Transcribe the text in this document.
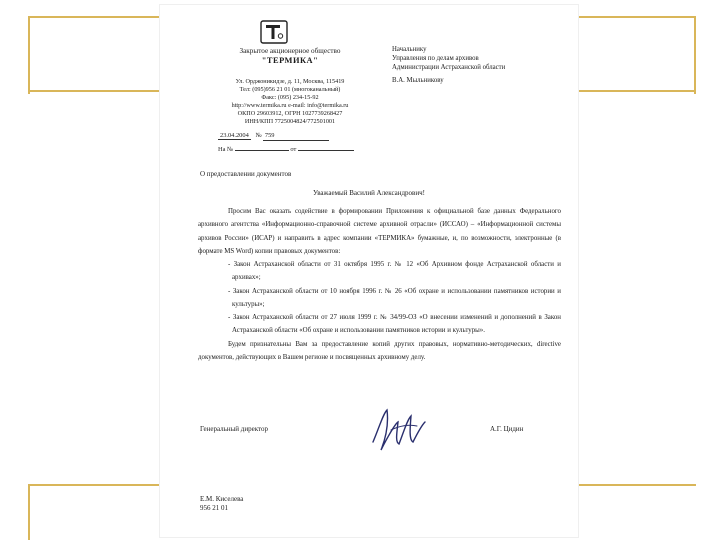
Закрытое акционерное общество
"ТЕРМИКА"
Ул. Орджоникидзе, д. 11, Москва, 115419
Тел: (095)956 21 01 (многоканальный)
Факс: (095) 234-15-92
http://www.termika.ru e-mail: info@termika.ru
ОКПО 29603912, ОГРН 1027739268427
ИНН/КПП 7725004824/772501001
Начальнику
Управления по делам архивов
Администрации Астраханской области
В.А. Мыльникову
23.04.2004 № 759
На №	от
О предоставлении документов
Уважаемый Василий Александрович!

Просим Вас оказать содействие в формировании Приложения к официальной базе данных Федерального архивного агентства «Информационно-справочной системе архивной отрасли» (ИССАО) – «Информационной системы архивов России» (ИСАР) и направить в адрес компании «ТЕРМИКА» бумажные, и, по возможности, электронные (в формате MS Word) копии правовых документов:

- Закон Астраханской области от 31 октября 1995 г. № 12 «Об Архивном фонде Астраханской области и архивах»;

- Закон Астраханской области от 10 ноября 1996 г. № 26 «Об охране и использовании памятников истории и культуры»;

- Закон Астраханской области от 27 июля 1999 г. № 34/99-ОЗ «О внесении изменений и дополнений в Закон Астраханской области «Об охране и использовании памятников истории и культуры».

Будем признательны Вам за предоставление копий других правовых, нормативно-методических, directive документов, действующих в Вашем регионе и посвященных архивному делу.

Генеральный директор	А.Г. Цидин
Е.М. Киселева
956 21 01
